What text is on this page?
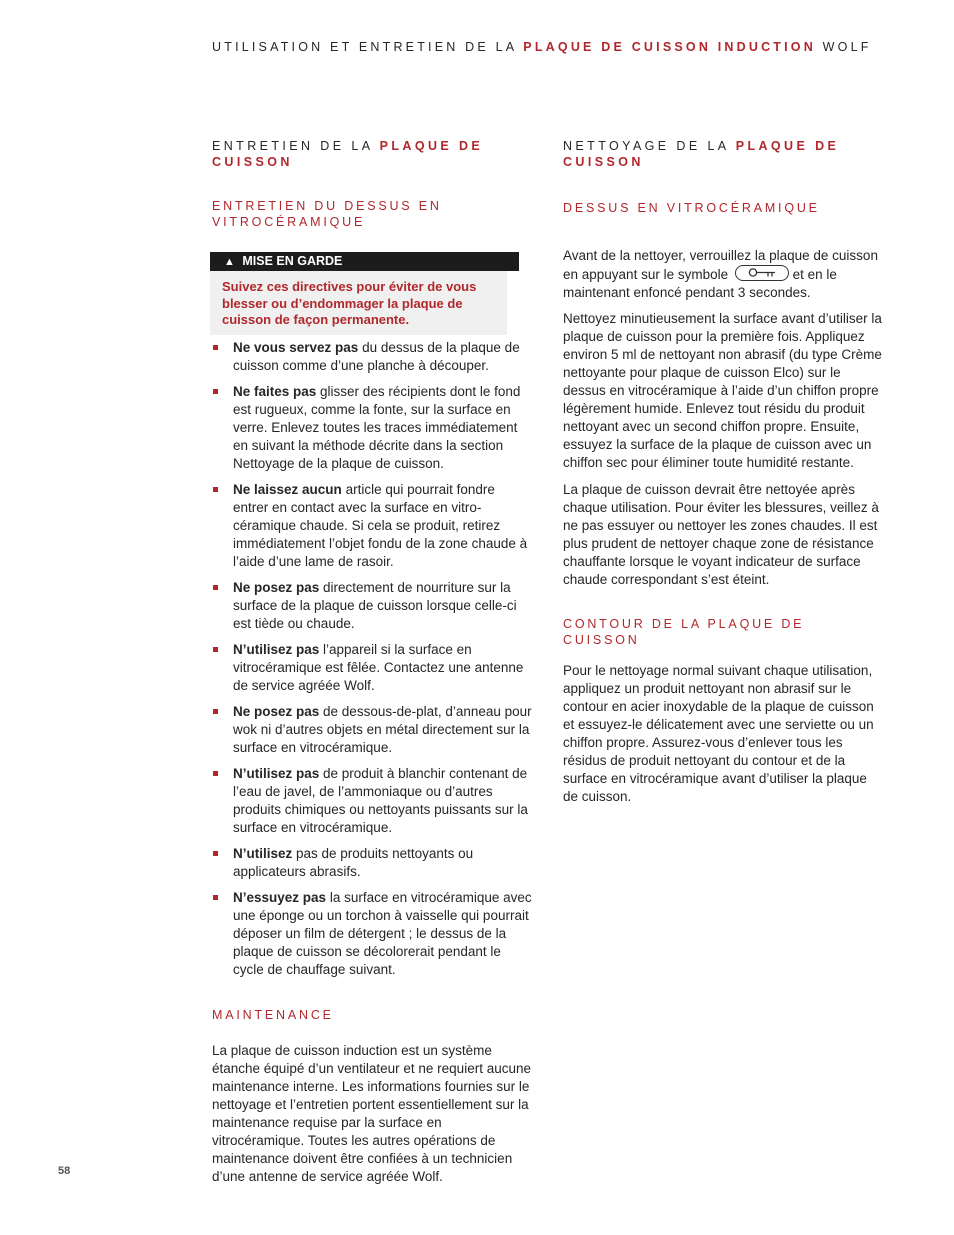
UTILISATION ET ENTRETIEN DE LA PLAQUE DE CUISSON INDUCTION WOLF
ENTRETIEN DE LA PLAQUE DE CUISSON
ENTRETIEN DU DESSUS EN VITROCÉRAMIQUE
▲ MISE EN GARDE

Suivez ces directives pour éviter de vous blesser ou d’endommager la plaque de cuisson de façon permanente.

Ne vous servez pas du dessus de la plaque de cuisson comme d’une planche à découper.
Ne faites pas glisser des récipients dont le fond est rugueux, comme la fonte, sur la surface en verre. Enlevez toutes les traces immédiatement en suivant la méthode décrite dans la section Nettoyage de la plaque de cuisson.
Ne laissez aucun article qui pourrait fondre entrer en contact avec la surface en vitrocéramique chaude. Si cela se produit, retirez immédiatement l’objet fondu de la zone chaude à l’aide d’une lame de rasoir.
Ne posez pas directement de nourriture sur la surface de la plaque de cuisson lorsque celle-ci est tiède ou chaude.
N’utilisez pas l’appareil si la surface en vitrocéramique est fêlée. Contactez une antenne de service agréée Wolf.
Ne posez pas de dessous-de-plat, d’anneau pour wok ni d’autres objets en métal directement sur la surface en vitrocéramique.
N’utilisez pas de produit à blanchir contenant de l’eau de javel, de l’ammoniaque ou d’autres produits chimiques ou nettoyants puissants sur la surface en vitrocéramique.
N’utilisez pas de produits nettoyants ou applicateurs abrasifs.
N’essuyez pas la surface en vitrocéramique avec une éponge ou un torchon à vaisselle qui pourrait déposer un film de détergent ; le dessus de la plaque de cuisson se décolorerait pendant le cycle de chauffage suivant.
MAINTENANCE

La plaque de cuisson induction est un système étanche équipé d’un ventilateur et ne requiert aucune maintenance interne. Les informations fournies sur le nettoyage et l’entretien portent essentiellement sur la maintenance requise par la surface en vitrocéramique. Toutes les autres opérations de maintenance doivent être confiées à un technicien d’une antenne de service agréée Wolf.

NETTOYAGE DE LA PLAQUE DE CUISSON
DESSUS EN VITROCÉRAMIQUE

Avant de la nettoyer, verrouillez la plaque de cuisson en appuyant sur le symbole	et en le maintenant enfoncé pendant 3 secondes.

Nettoyez minutieusement la surface avant d’utiliser la plaque de cuisson pour la première fois. Appliquez environ 5 ml de nettoyant non abrasif (du type Crème nettoyante pour plaque de cuisson Elco) sur le dessus en vitrocéramique à l’aide d’un chiffon propre légèrement humide. Enlevez tout résidu du produit nettoyant avec un second chiffon propre. Ensuite, essuyez la surface de la plaque de cuisson avec un chiffon sec pour éliminer toute humidité restante.

La plaque de cuisson devrait être nettoyée après chaque utilisation. Pour éviter les blessures, veillez à ne pas essuyer ou nettoyer les zones chaudes. Il est plus prudent de nettoyer chaque zone de résistance chauffante lorsque le voyant indicateur de surface chaude correspondant s’est éteint.

CONTOUR DE LA PLAQUE DE CUISSON

Pour le nettoyage normal suivant chaque utilisation, appliquez un produit nettoyant non abrasif sur le contour en acier inoxydable de la plaque de cuisson et essuyez-le délicatement avec une serviette ou un chiffon propre. Assurez-vous d’enlever tous les résidus de produit nettoyant du contour et de la surface en vitrocéramique avant d’utiliser la plaque de cuisson.

58
